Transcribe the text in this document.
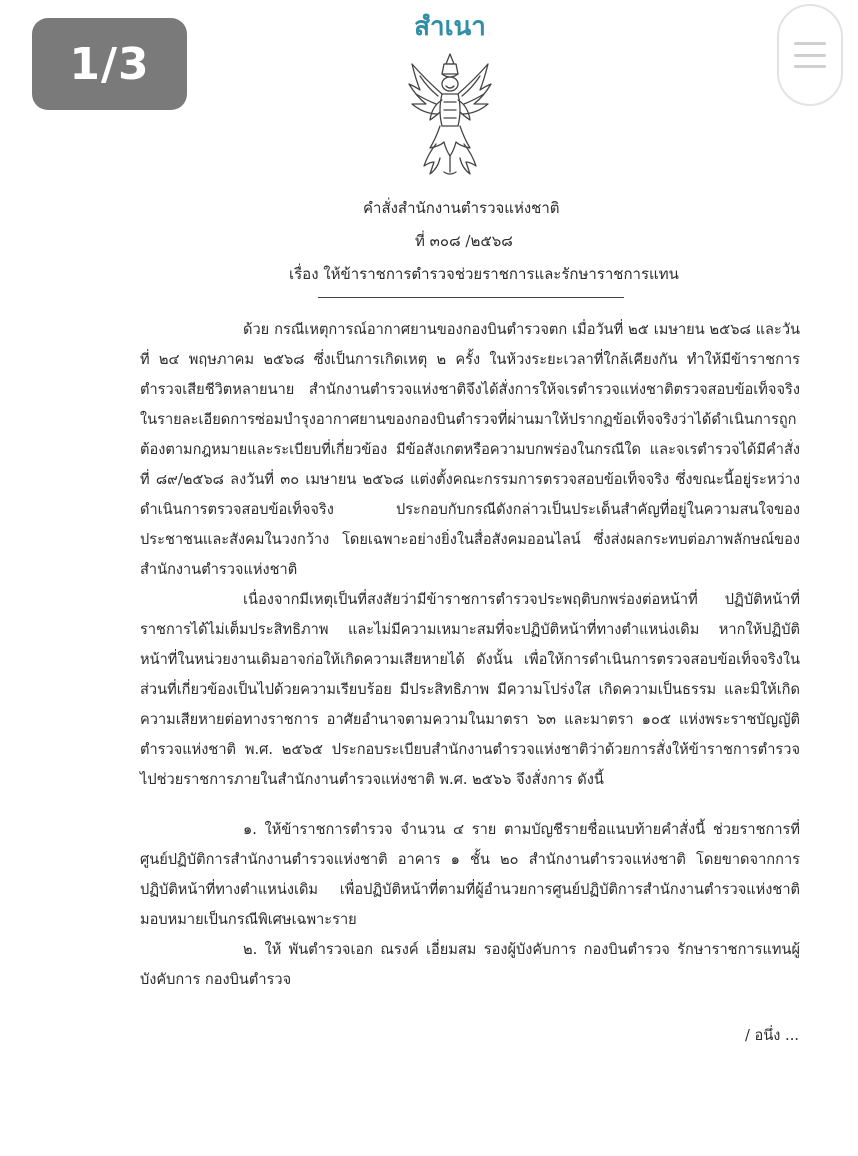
1/3
สำเนา
คำสั่งสำนักงานตำรวจแห่งชาติ
ที่ ๓๐๘ /๒๕๖๘
เรื่อง ให้ข้าราชการตำรวจช่วยราชการและรักษาราชการแทน

ด้วย กรณีเหตุการณ์อากาศยานของกองบินตำรวจตก เมื่อวันที่ ๒๕ เมษายน ๒๕๖๘ และวันที่ ๒๔ พฤษภาคม ๒๕๖๘ ซึ่งเป็นการเกิดเหตุ ๒ ครั้ง ในห้วงระยะเวลาที่ใกล้เคียงกัน ทำให้มีข้าราชการตำรวจเสียชีวิตหลายนาย สำนักงานตำรวจแห่งชาติจึงได้สั่งการให้จเรตำรวจแห่งชาติตรวจสอบข้อเท็จจริงในรายละเอียดการซ่อมบำรุงอากาศยานของกองบินตำรวจที่ผ่านมาให้ปรากฏข้อเท็จจริงว่าได้ดำเนินการถูกต้องตามกฎหมายและระเบียบที่เกี่ยวข้อง มีข้อสังเกตหรือความบกพร่องในกรณีใด และจเรตำรวจได้มีคำสั่ง ที่ ๘๙/๒๕๖๘ ลงวันที่ ๓๐ เมษายน ๒๕๖๘ แต่งตั้งคณะกรรมการตรวจสอบข้อเท็จจริง ซึ่งขณะนี้อยู่ระหว่างดำเนินการตรวจสอบข้อเท็จจริง ประกอบกับกรณีดังกล่าวเป็นประเด็นสำคัญที่อยู่ในความสนใจของประชาชนและสังคมในวงกว้าง โดยเฉพาะอย่างยิ่งในสื่อสังคมออนไลน์ ซึ่งส่งผลกระทบต่อภาพลักษณ์ของสำนักงานตำรวจแห่งชาติ

เนื่องจากมีเหตุเป็นที่สงสัยว่ามีข้าราชการตำรวจประพฤติบกพร่องต่อหน้าที่ ปฏิบัติหน้าที่ราชการได้ไม่เต็มประสิทธิภาพ และไม่มีความเหมาะสมที่จะปฏิบัติหน้าที่ทางตำแหน่งเดิม หากให้ปฏิบัติหน้าที่ในหน่วยงานเดิมอาจก่อให้เกิดความเสียหายได้ ดังนั้น เพื่อให้การดำเนินการตรวจสอบข้อเท็จจริงในส่วนที่เกี่ยวข้องเป็นไปด้วยความเรียบร้อย มีประสิทธิภาพ มีความโปร่งใส เกิดความเป็นธรรม และมิให้เกิดความเสียหายต่อทางราชการ อาศัยอำนาจตามความในมาตรา ๖๓ และมาตรา ๑๐๕ แห่งพระราชบัญญัติตำรวจแห่งชาติ พ.ศ. ๒๕๖๕ ประกอบระเบียบสำนักงานตำรวจแห่งชาติว่าด้วยการสั่งให้ข้าราชการตำรวจไปช่วยราชการภายในสำนักงานตำรวจแห่งชาติ พ.ศ. ๒๕๖๖ จึงสั่งการ ดังนี้

๑. ให้ข้าราชการตำรวจ จำนวน ๔ ราย ตามบัญชีรายชื่อแนบท้ายคำสั่งนี้ ช่วยราชการที่ศูนย์ปฏิบัติการสำนักงานตำรวจแห่งชาติ อาคาร ๑ ชั้น ๒๐ สำนักงานตำรวจแห่งชาติ โดยขาดจากการปฏิบัติหน้าที่ทางตำแหน่งเดิม เพื่อปฏิบัติหน้าที่ตามที่ผู้อำนวยการศูนย์ปฏิบัติการสำนักงานตำรวจแห่งชาติ มอบหมายเป็นกรณีพิเศษเฉพาะราย

๒. ให้ พันตำรวจเอก ณรงค์ เอี่ยมสม รองผู้บังคับการ กองบินตำรวจ รักษาราชการแทนผู้บังคับการ กองบินตำรวจ

/ อนึ่ง ...
